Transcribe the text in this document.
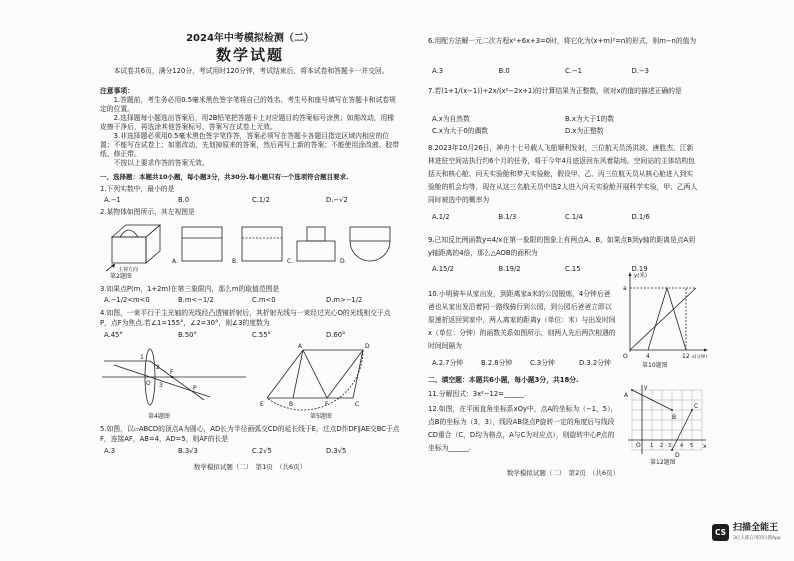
2024年中考模拟检测（二）
数学试题
本试卷共6页，满分120分，考试用时120分钟，考试结束后，将本试卷和答题卡一并交回。
注意事项：

1.答题前，考生务必用0.5毫米黑色签字笔将自己的姓名、考生号和座号填写在答题卡和试卷规定的位置。

2.选择题每小题选出答案后，用2B铅笔把答题卡上对应题目的答案标号涂黑；如需改动，用橡皮擦干净后，再选涂其他答案标号，答案写在试卷上无效。

3.非选择题必须用0.5毫米黑色签字笔作答，答案必须写在答题卡各题目指定区域内相应的位置；不能写在试卷上；如需改动，先划掉原来的答案，然后再写上新的答案；不能使用涂改液、胶带纸、修正带。

不按以上要求作答的答案无效。

一、选择题：本题共10小题，每小题3分，共30分.每小题只有一个选项符合题目要求.
1.下列实数中，最小的是
A.−1	B.0	C.1/2	D.−√2
2.某物体如图所示，其左视图是
主视方向
A.	B.	C.	D.
第2题图
3.如果点P(m，1+2m)在第三象限内，那么m的取值范围是
A.−1/2<m<0	B.m<−1/2	C.m<0	D.m>−1/2
4.如图，一束平行于主光轴的光线经凸透镜折射后，其折射光线与一束经过光心O的光线相交于点P，点F为焦点.若∠1=155°，∠2=30°，则∠3的度数为
A.45°	B.50°	C.55°	D.60°
O
F
P
1
2
3
第4题图
A	D
E	B	F	C
第5题图
5.如图，以▱ABCD的顶点A为圆心，AD长为半径画弧交CD的延长线于E，过点D作DF∥AE交BC于点F，连接AF，AB=4，AD=5，则AF的长是
A.3	B.3√3	C.2√5	D.3√5
数学模拟试题（二）　第1页　（共6页）
6.用配方法解一元二次方程x²+6x+3=0时，将它化为(x+m)²=n的形式，则m−n的值为
A.3	B.0	C.−1	D.−3
7.若(1+1/(x−1))÷2x/(x²−2x+1)的计算结果为正整数，则对x的值的描述正确的是
A.x为自然数	B.x为大于1的数
C.x为大于0的偶数	D.x为正整数
8.2023年10月26日，神舟十七号载人飞船顺利发射，三位航天员汤洪波、唐胜杰、江新林进驻空间站执行约6个月的任务，将于今年4月底返回东风着陆场。空间站的主体结构包括天和核心舱、问天实验舱和梦天实验舱，假设甲、乙、丙三位航天员从核心舱进入到实验舱的机会均等，现在从这三名航天员中选2人进入问天实验舱开展科学实验，甲、乙两人同时被选中的概率为
A.1/2	B.1/3	C.1/4	D.1/6
9.已知反比例函数y=4/x在第一象限的图象上有两点A、B，如果点B到y轴的距离是点A到y轴距离的4倍，那么△AOB的面积为
A.15/2	B.19/2	C.15	D.19
10.小明骑车从家出发，到距离家a米的公园锻炼，4分钟后爸爸也从家出发沿着同一路线骑行到公园，到公园后爸爸立即以原速折返回到家中，两人离家的距离y（单位：米）与出发时间x（单位：分钟）的函数关系如图所示，则两人先后两次相遇的时间间隔为
y(米)
a
O	4	12 x(分钟)
A.2.7分钟	B.2.8分钟	C.3分钟	D.3.2分钟	第10题图
二、填空题：本题共6小题，每小题3分，共18分.
11.分解因式：3x²−12=______.
12.如图，在平面直角坐标系xOy中，点A的坐标为（−1，5），点B的坐标为（3，3），线段AB绕点P旋转一定的角度后与线段CD重合（C，D均为格点，A与C为对应点），则旋转中心P点的坐标为______.
y
A
B
C
D
O	x
1 2 3 4 5
第12题图
数学模拟试题（二）　第2页　（共6页）
CS 扫描全能王
3亿人都在用的扫描App
